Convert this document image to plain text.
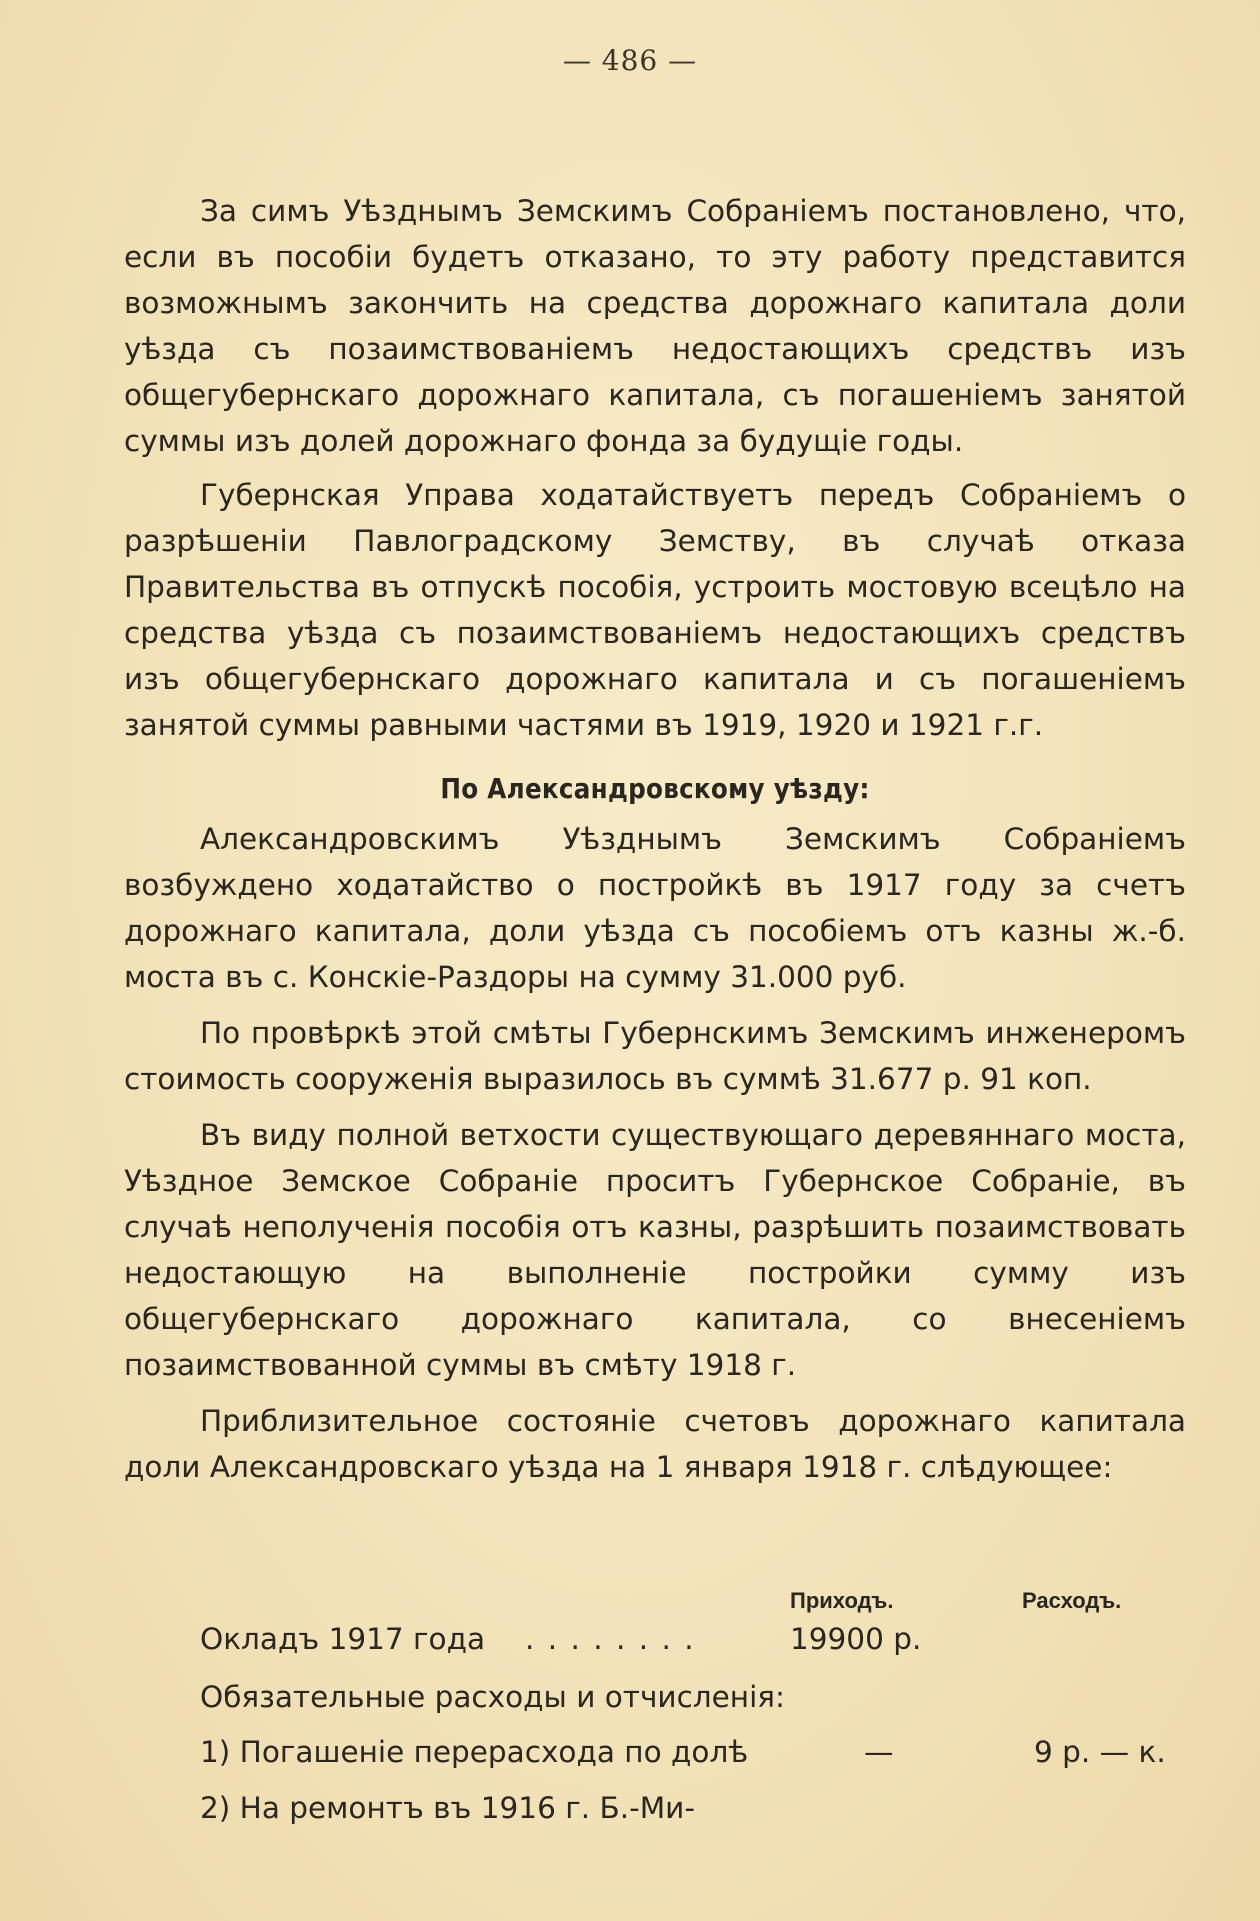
— 486 —

За симъ Уѣзднымъ Земскимъ Собраніемъ постановлено, что, если въ пособіи будетъ отказано, то эту работу представится возможнымъ закончить на средства дорожнаго капитала доли уѣзда съ позаимствованіемъ недостающихъ средствъ изъ общегубернскаго дорожнаго капитала, съ погашеніемъ занятой суммы изъ долей дорожнаго фонда за будущіе годы.

Губернская Управа ходатайствуетъ передъ Собраніемъ о разрѣшеніи Павлоградскому Земству, въ случаѣ отказа Правительства въ отпускѣ пособія, устроить мостовую всецѣло на средства уѣзда съ позаимствованіемъ недостающихъ средствъ изъ общегубернскаго дорожнаго капитала и съ погашеніемъ занятой суммы равными частями въ 1919, 1920 и 1921 г.г.

По Александровскому уѣзду:

Александровскимъ Уѣзднымъ Земскимъ Собраніемъ возбуждено ходатайство о постройкѣ въ 1917 году за счетъ дорожнаго капитала, доли уѣзда съ пособіемъ отъ казны ж.-б. моста въ с. Конскіе-Раздоры на сумму 31.000 руб.

По провѣркѣ этой смѣты Губернскимъ Земскимъ инженеромъ стоимость сооруженія выразилось въ суммѣ 31.677 р. 91 коп.

Въ виду полной ветхости существующаго деревяннаго моста, Уѣздное Земское Собраніе проситъ Губернское Собраніе, въ случаѣ неполученія пособія отъ казны, разрѣшить позаимствовать недостающую на выполненіе постройки сумму изъ общегубернскаго дорожнаго капитала, со внесеніемъ позаимствованной суммы въ смѣту 1918 г.

Приблизительное состояніе счетовъ дорожнаго капитала доли Александровскаго уѣзда на 1 января 1918 г. слѣдующее:

Приходъ.	Расходъ.
Окладъ 1917 года . . . . . . . .	19900 р.
Обязательные расходы и отчисленія:
1) Погашеніе перерасхода по долѣ	—	9 р. — к.
2) На ремонтъ въ 1916 г. Б.-Ми-
